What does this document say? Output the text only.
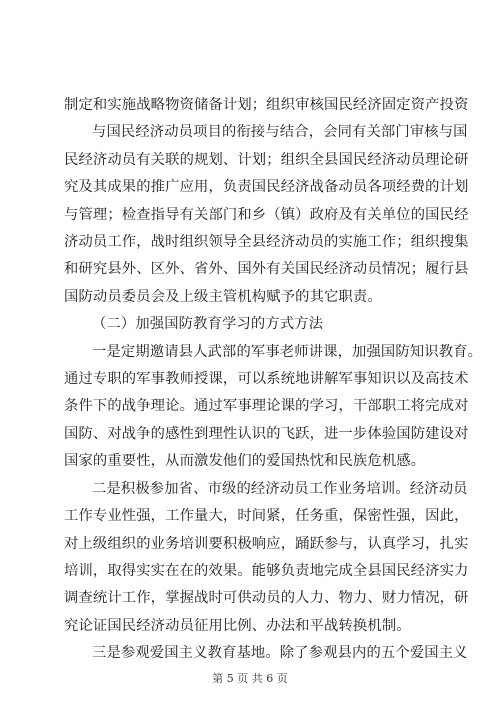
制定和实施战略物资储备计划；组织审核国民经济固定资产投资

与国民经济动员项目的衔接与结合，会同有关部门审核与国

民经济动员有关联的规划、计划；组织全县国民经济动员理论研

究及其成果的推广应用，负责国民经济战备动员各项经费的计划

与管理；检查指导有关部门和乡（镇）政府及有关单位的国民经

济动员工作，战时组织领导全县经济动员的实施工作；组织搜集

和研究县外、区外、省外、国外有关国民经济动员情况；履行县

国防动员委员会及上级主管机构赋予的其它职责。

（二）加强国防教育学习的方式方法

一是定期邀请县人武部的军事老师讲课，加强国防知识教育。

通过专职的军事教师授课，可以系统地讲解军事知识以及高技术

条件下的战争理论。通过军事理论课的学习，干部职工将完成对

国防、对战争的感性到理性认识的飞跃，进一步体验国防建设对

国家的重要性，从而激发他们的爱国热忱和民族危机感。

二是积极参加省、市级的经济动员工作业务培训。经济动员

工作专业性强，工作量大，时间紧，任务重，保密性强，因此，

对上级组织的业务培训要积极响应，踊跃参与，认真学习，扎实

培训，取得实实在在的效果。能够负责地完成全县国民经济实力

调查统计工作，掌握战时可供动员的人力、物力、财力情况，研

究论证国民经济动员征用比例、办法和平战转换机制。

三是参观爱国主义教育基地。除了参观县内的五个爱国主义

第 5 页 共 6 页
